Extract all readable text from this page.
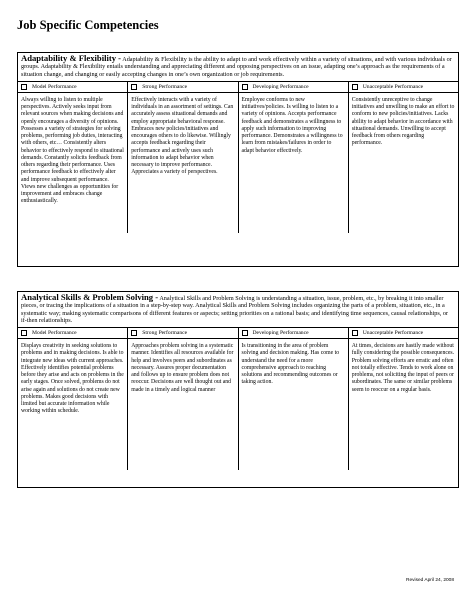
Job Specific Competencies
Adaptability & Flexibility - Adaptability & Flexibility is the ability to adapt to and work effectively within a variety of situations, and with various individuals or groups. Adaptability & Flexibility entails understanding and appreciating different and opposing perspectives on an issue, adapting one’s approach as the requirements of a situation change, and changing or easily accepting changes in one’s own organization or job requirements.
Model Performance
Always willing to listen to multiple perspectives. Actively seeks input from relevant sources when making decisions and openly encourages a diversity of opinions. Possesses a variety of strategies for solving problems, performing job duties, interacting with others, etc… Consistently alters behavior to effectively respond to situational demands. Constantly solicits feedback from others regarding their performance. Uses performance feedback to effectively alter and improve subsequent performance. Views new challenges as opportunities for improvement and embraces change enthusiastically.
Strong Performance
Effectively interacts with a variety of individuals in an assortment of settings. Can accurately assess situational demands and employ appropriate behavioral response. Embraces new policies/initiatives and encourages others to do likewise. Willingly accepts feedback regarding their performance and actively uses such information to adapt behavior when necessary to improve performance. Appreciates a variety of perspectives.
Developing Performance
Employee conforms to new initiatives/policies. Is willing to listen to a variety of opinions. Accepts performance feedback and demonstrates a willingness to apply such information to improving performance. Demonstrates a willingness to learn from mistakes/failures in order to adapt behavior effectively.
Unacceptable Performance
Consistently unreceptive to change initiatives and unwilling to make an effort to conform to new policies/initiatives. Lacks ability to adapt behavior in accordance with situational demands. Unwilling to accept feedback from others regarding performance.
Analytical Skills & Problem Solving - Analytical Skills and Problem Solving is understanding a situation, issue, problem, etc., by breaking it into smaller pieces, or tracing the implications of a situation in a step-by-step way. Analytical Skills and Problem Solving includes organizing the parts of a problem, situation, etc., in a systematic way; making systematic comparisons of different features or aspects; setting priorities on a rational basis; and identifying time sequences, causal relationships, or if-then relationships.
Model Performance
Displays creativity in seeking solutions to problems and in making decisions. Is able to integrate new ideas with current approaches. Effectively identifies potential problems before they arise and acts on problems in the early stages. Once solved, problems do not arise again and solutions do not create new problems. Makes good decisions with limited but accurate information while working within schedule.
Strong Performance
Approaches problem solving in a systematic manner. Identifies all resources available for help and involves peers and subordinates as necessary. Assures proper documentation and follows up to ensure problem does not reoccur. Decisions are well thought out and made in a timely and logical manner
Developing Performance
Is transitioning in the area of problem solving and decision making. Has come to understand the need for a more comprehensive approach to reaching solutions and recommending outcomes or taking action.
Unacceptable Performance
At times, decisions are hastily made without fully considering the possible consequences. Problem solving efforts are erratic and often not totally effective. Tends to work alone on problems, not soliciting the input of peers or subordinates. The same or similar problems seem to reoccur on a regular basis.
Revised April 24, 2008
